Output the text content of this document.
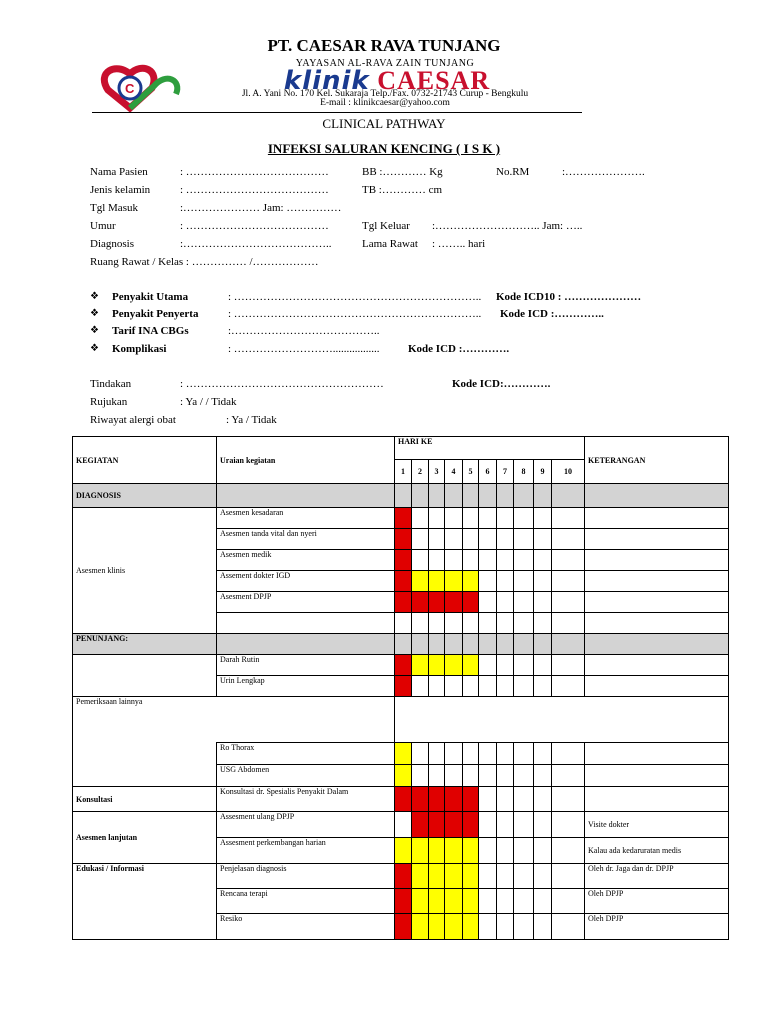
PT. CAESAR RAVA TUNJANG
C
YAYASAN AL-RAVA ZAIN TUNJANG
klinik CAESAR
Jl. A. Yani No. 170 Kel. Sukaraja Telp./Fax. 0732-21743 Curup - Bengkulu
E-mail : klinikcaesar@yahoo.com
CLINICAL PATHWAY
INFEKSI SALURAN KENCING ( I S K )
Nama Pasien	: …………………………………	BB :………… Kg	No.RM	:………………….
Jenis kelamin	: …………………………………	TB :………… cm
Tgl Masuk	:………………… Jam: ……………
Umur	: …………………………………	Tgl Keluar :……………………….. Jam: …..
Diagnosis	:…………………………………..	Lama Rawat : …….. hari
Ruang Rawat / Kelas : …………… /………………
❖ Penyakit Utama	: ………………………………………………………….. Kode ICD10 : …………………
❖ Penyakit Penyerta	: ………………………………………………………….. Kode ICD :…………..
❖ Tarif INA CBGs	:…………………………………..
❖ Komplikasi	: ……………………….................	Kode ICD :………….
Tindakan	: ………………………………………………	Kode ICD:………….
Rujukan	: Ya / / Tidak
Riwayat alergi obat	: Ya / Tidak
KEGIATAN	Uraian kegiatan	HARI KE										KETERANGAN
		1	2	3	4	5	6	7	8	9	10	
DIAGNOSIS												
Asesmen klinis	Asesmen kesadaran											
	Asesmen tanda vital dan nyeri											
	Asesmen medik											
	Assement dokter IGD											
	Asesment DPJP											

PENUNJANG:												
	Darah Rutin											
	Urin Lengkap											
Pemeriksaan lainnya												
	Ro Thorax											
	USG Abdomen											
Konsultasi	Konsultasi dr. Spesialis Penyakit Dalam											
Asesmen lanjutan	Assesment ulang DPJP											Visite dokter
	Assesment perkembangan harian											Kalau ada kedaruratan medis
Edukasi / Informasi	Penjelasan diagnosis											Oleh dr. Jaga dan dr. DPJP
	Rencana terapi											Oleh DPJP
	Resiko											Oleh DPJP
